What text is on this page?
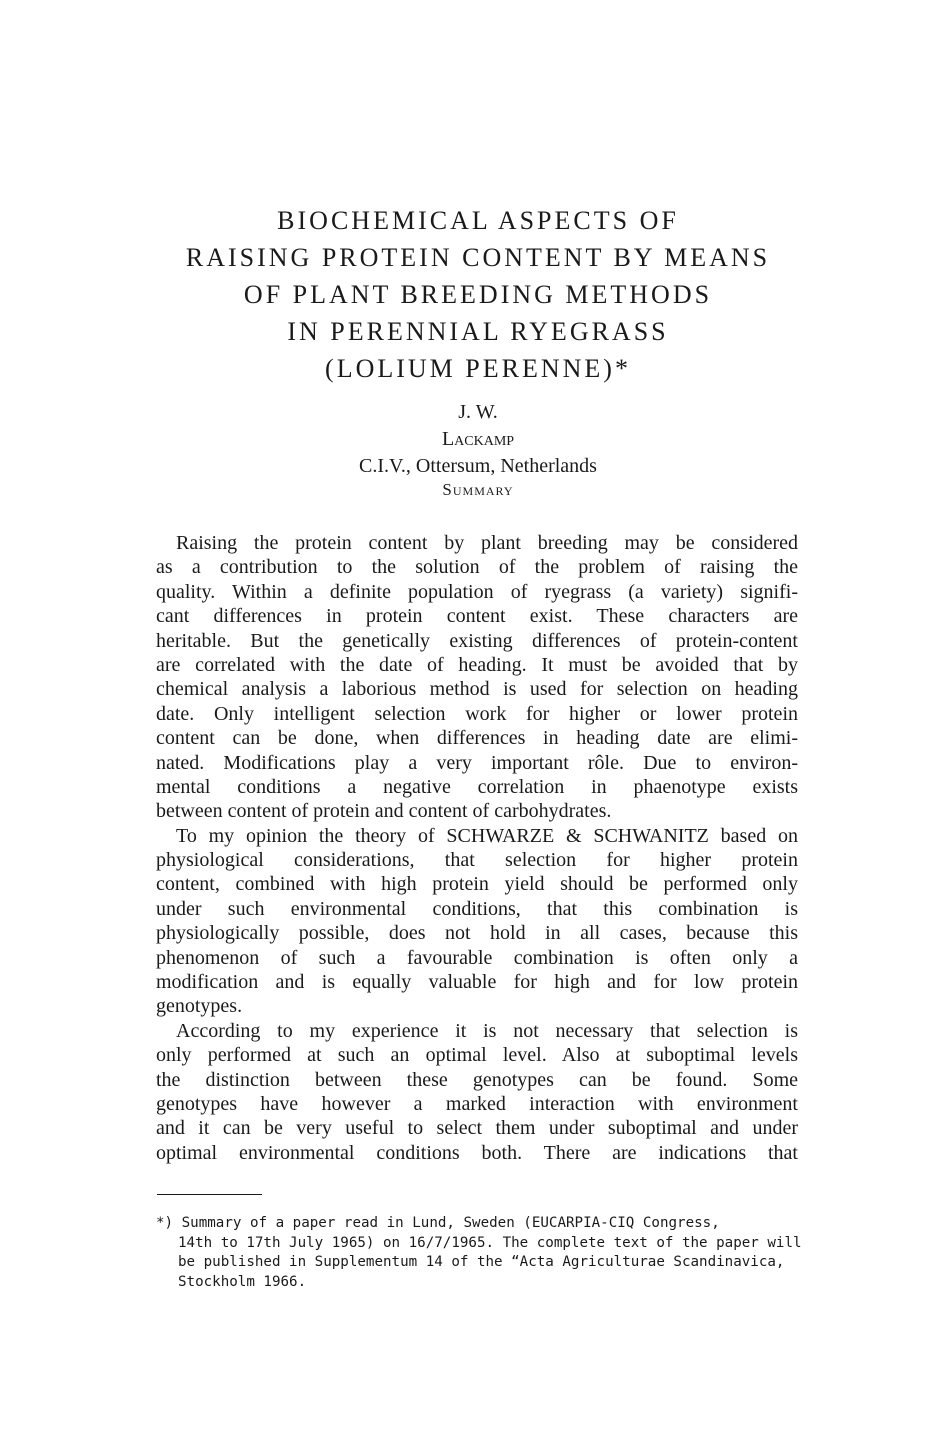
BIOCHEMICAL ASPECTS OF
RAISING PROTEIN CONTENT BY MEANS
OF PLANT BREEDING METHODS
IN PERENNIAL RYEGRASS
(LOLIUM PERENNE)*
J. W.
Lackamp
C.I.V., Ottersum, Netherlands
Summary
Raising the protein content by plant breeding may be considered
as a contribution to the solution of the problem of raising the
quality. Within a definite population of ryegrass (a variety) signifi-
cant differences in protein content exist. These characters are
heritable. But the genetically existing differences of protein-content
are correlated with the date of heading. It must be avoided that by
chemical analysis a laborious method is used for selection on heading
date. Only intelligent selection work for higher or lower protein
content can be done, when differences in heading date are elimi-
nated. Modifications play a very important rôle. Due to environ-
mental conditions a negative correlation in phaenotype exists
between content of protein and content of carbohydrates.
To my opinion the theory of SCHWARZE & SCHWANITZ based on
physiological considerations, that selection for higher protein
content, combined with high protein yield should be performed only
under such environmental conditions, that this combination is
physiologically possible, does not hold in all cases, because this
phenomenon of such a favourable combination is often only a
modification and is equally valuable for high and for low protein
genotypes.
According to my experience it is not necessary that selection is
only performed at such an optimal level. Also at suboptimal levels
the distinction between these genotypes can be found. Some
genotypes have however a marked interaction with environment
and it can be very useful to select them under suboptimal and under
optimal environmental conditions both. There are indications that
*) Summary of a paper read in Lund, Sweden (EUCARPIA-CIQ Congress,
14th to 17th July 1965) on 16/7/1965. The complete text of the paper will
be published in Supplementum 14 of the “Acta Agriculturae Scandinavica,
Stockholm 1966.
